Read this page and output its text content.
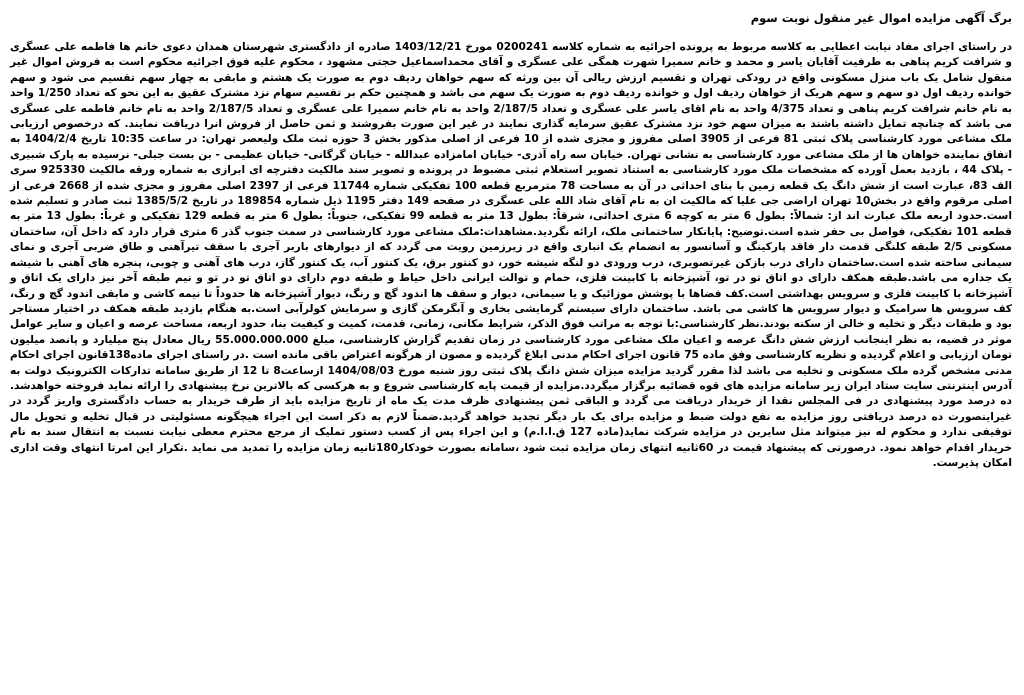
برگ آگهی مزایده اموال غیر منقول نوبت سوم

در راستای اجرای مفاد نیابت اعطایی به کلاسه مربوط به پرونده اجرائیه به شماره کلاسه 0200241 مورخ 1403/12/21 صادره از دادگستری شهرستان همدان دعوی خانم ها فاطمه علی عسگری و شرافت کریم پناهی به طرفیت آقایان یاسر و محمد و خانم سمیرا شهرت همگی علی عسگری و آقای محمداسماعیل حجتی مشهود ، محکوم علیه فوق اجرائیه محکوم است به فروش اموال غیر منقول شامل یک باب منزل مسکونی واقع در رودکی تهران و تقسیم ارزش ریالی آن بین ورثه که سهم خواهان ردیف دوم به صورت یک هشتم و مابقی به چهار سهم تقسیم می شود و سهم خوانده ردیف اول دو سهم و سهم هریک از خواهان ردیف اول و خوانده ردیف دوم به صورت یک سهم می باشد و همچنین حکم بر تقسیم سهام نزد مشترک عقیق به این نحو که تعداد 1/250 واحد به نام خانم شرافت کریم پناهی و تعداد 4/375 واحد به نام اقای یاسر علی عسگری و تعداد 2/187/5 واحد به نام خانم سمیرا علی عسگری و تعداد 2/187/5 واحد به نام خانم فاطمه علی عسگری می باشد که چنانچه تمایل داشته باشند به میزان سهم خود نزد مشترک عقیق سرمایه گذاری نمایند در غیر این صورت بفروشند و ثمن حاصل از فروش انرا دریافت نمایند. که درخصوص ارزیابی ملک مشاعی مورد کارشناسی پلاک ثبتی 81 فرعی از 3905 اصلی مفروز و مجزی شده از 10 فرعی از اصلی مذکور بخش 3 حوزه ثبت ملک ولیعصر تهران: در ساعت 10:35 تاریخ 1404/2/4 به اتفاق نماینده خواهان ها از ملک مشاعی مورد کارشناسی به نشانی تهران. خیابان سه راه آذری- خیابان امامزاده عبدالله - خیابان گرگانی- خیابان عظیمی - بن بست جبلی- نرسیده به پارک شبیری - پلاک 44 ، بازدید بعمل آورده که مشخصات ملک مورد کارشناسی به استناد تصویر استعلام ثبتی مضبوط در پرونده و تصویر سند مالکیت دفترچه ای ابرازی به شماره ورقه مالکیت 925330 سری الف 83، عبارت است از شش دانگ یک قطعه زمین با بنای احداثی در آن به مساحت 78 مترمربع قطعه 100 تفکیکی شماره 11744 فرعی از 2397 اصلی مفروز و مجزی شده از 2668 فرعی از اصلی مرقوم واقع در بخش10 تهران اراضی جی علیا که مالکیت ان به نام آقای شاد الله علی عسگری در صفحه 149 دفتر 1195 ذیل شماره 189854 در تاریخ 1385/5/2 ثبت صادر و تسلیم شده است.حدود اربعه ملک عبارت اند از: شمالاً: بطول 6 متر به کوچه 6 متری احداثی، شرقاً: بطول 13 متر به قطعه 99 تفکیکی، جنوباً: بطول 6 متر به قطعه 129 تفکیکی و غرباً: بطول 13 متر به قطعه 101 تفکیکی، فواصل بی حفر شده است.توضیح: پایانکار ساختمانی ملک، ارائه نگردید.مشاهدات:ملک مشاعی مورد کارشناسی در سمت جنوب گذر 6 متری قرار دارد که داخل آن، ساختمان مسکونی 2/5 طبقه کلنگی قدمت دار فاقد پارکینگ و آسانسور به انضمام یک انباری واقع در زیرزمین رویت می گردد که از دیوارهای باربر آجری با سقف تیرآهنی و طاق ضربی آجری و نمای سیمانی ساخته شده است.ساختمان دارای درب بازکن غیرتصویری، درب ورودی دو لنگه شیشه خور، دو کنتور برق، یک کنتور آب، یک کنتور گاز، درب های آهنی و چوبی، پنجره های آهنی با شیشه یک جداره می باشد.طبقه همکف دارای دو اتاق تو در تو، آشپزخانه با کابینت فلزی، حمام و توالت ایرانی داخل حیاط و طبقه دوم دارای دو اتاق تو در تو و نیم طبقه آخر نیز دارای یک اتاق و آشپزخانه با کابینت فلزی و سرویس بهداشتی است.کف فضاها با پوشش موزائیک و یا سیمانی، دیوار و سقف ها اندود گچ و رنگ، دیوار آشپزخانه ها حدوداً تا نیمه کاشی و مابقی اندود گچ و رنگ، کف سرویس ها سرامیک و دیوار سرویس ها کاشی می باشد. ساختمان دارای سیستم گرمایشی بخاری و آبگرمکن گازی و سرمایش کولرآبی است.به هنگام بازدید طبقه همکف در اختیار مستاجر بود و طبقات دیگر و تخلیه و خالی از سکنه بودند.نظر کارشناسی:با توجه به مراتب فوق الذکر، شرایط مکانی، زمانی، قدمت، کمیت و کیفیت بنا، حدود اربعه، مساحت عرصه و اعیان و سایر عوامل موثر در قضیه، به نظر اینجانب ارزش شش دانگ عرصه و اعیان ملک مشاعی مورد کارشناسی در زمان تقدیم گزارش کارشناسی، مبلغ 55.000.000.000 ریال معادل پنج میلیارد و پانصد میلیون تومان ارزیابی و اعلام گردیده و نظریه کارشناسی وفق ماده 75 قانون اجرای احکام مدنی ابلاغ گردیده و مصون از هرگونه اعتراض باقی مانده است .در راستای اجرای ماده138قانون اجرای احکام مدنی مشخص گرده ملک مسکونی و تخلیه می باشد لذا مقرر گردید مزایده میزان شش دانگ پلاک ثبتی روز شنبه مورخ 1404/08/03 ازساعت8 تا 12 از طریق سامانه تدارکات الکترونیک دولت به آدرس اینترنتی سایت ستاد ایران زیر سامانه مزایده های قوه قضائیه برگزار میگردد.مزایده از قیمت پایه کارشناسی شروع و به هرکسی که بالاترین نرخ پیشنهادی را ارائه نماید فروخته خواهدشد. ده درصد مورد پیشنهادی در فی المجلس نقدا از خریدار دریافت می گردد و الباقی ثمن پیشنهادی ظرف مدت یک ماه از تاریخ مزایده باید از طرف خریدار به حساب دادگستری واریز گردد در غیراینصورت ده درصد دریافتی روز مزایده به نفع دولت ضبط و مزایده برای یک بار دیگر تجدید خواهد گردید.ضمناً لازم به ذکر است این اجراء هیچگونه مسئولیتی در قبال تخلیه و تحویل مال توقیفی ندارد و محکوم له نیز میتواند مثل سایرین در مزایده شرکت نماید(ماده 127 ق.ا.ا.م) و این اجراء پس از کسب دستور تملیک از مرجع محترم معطی نیابت نسبت به انتقال سند به نام خریدار اقدام خواهد نمود. درصورتی که پیشنهاد قیمت در 60ثانیه انتهای زمان مزایده ثبت شود ،سامانه بصورت خودکار180ثانیه زمان مزایده را تمدید می نماید .تکرار این امرتا انتهای وقت اداری امکان پذیرست.
